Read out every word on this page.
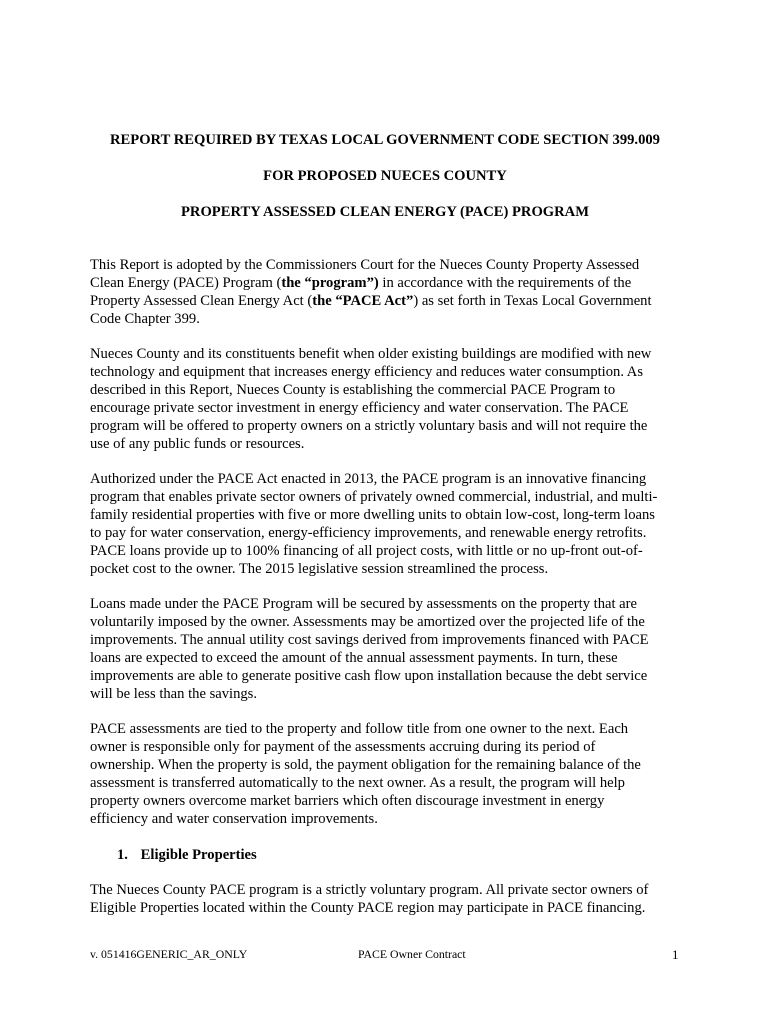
REPORT REQUIRED BY TEXAS LOCAL GOVERNMENT CODE SECTION 399.009
FOR PROPOSED NUECES COUNTY
PROPERTY ASSESSED CLEAN ENERGY (PACE) PROGRAM
This Report is adopted by the Commissioners Court for the Nueces County Property Assessed
Clean Energy (PACE) Program (the “program”) in accordance with the requirements of the
Property Assessed Clean Energy Act (the “PACE Act”) as set forth in Texas Local Government
Code Chapter 399.
Nueces County and its constituents benefit when older existing buildings are modified with new
technology and equipment that increases energy efficiency and reduces water consumption. As
described in this Report, Nueces County is establishing the commercial PACE Program to
encourage private sector investment in energy efficiency and water conservation. The PACE
program will be offered to property owners on a strictly voluntary basis and will not require the
use of any public funds or resources.
Authorized under the PACE Act enacted in 2013, the PACE program is an innovative financing
program that enables private sector owners of privately owned commercial, industrial, and multi-
family residential properties with five or more dwelling units to obtain low-cost, long-term loans
to pay for water conservation, energy-efficiency improvements, and renewable energy retrofits.
PACE loans provide up to 100% financing of all project costs, with little or no up-front out-of-
pocket cost to the owner. The 2015 legislative session streamlined the process.
Loans made under the PACE Program will be secured by assessments on the property that are
voluntarily imposed by the owner. Assessments may be amortized over the projected life of the
improvements. The annual utility cost savings derived from improvements financed with PACE
loans are expected to exceed the amount of the annual assessment payments. In turn, these
improvements are able to generate positive cash flow upon installation because the debt service
will be less than the savings.
PACE assessments are tied to the property and follow title from one owner to the next. Each
owner is responsible only for payment of the assessments accruing during its period of
ownership. When the property is sold, the payment obligation for the remaining balance of the
assessment is transferred automatically to the next owner. As a result, the program will help
property owners overcome market barriers which often discourage investment in energy
efficiency and water conservation improvements.
1. Eligible Properties
The Nueces County PACE program is a strictly voluntary program. All private sector owners of
Eligible Properties located within the County PACE region may participate in PACE financing.
v. 051416GENERIC_AR_ONLY	PACE Owner Contract	1
